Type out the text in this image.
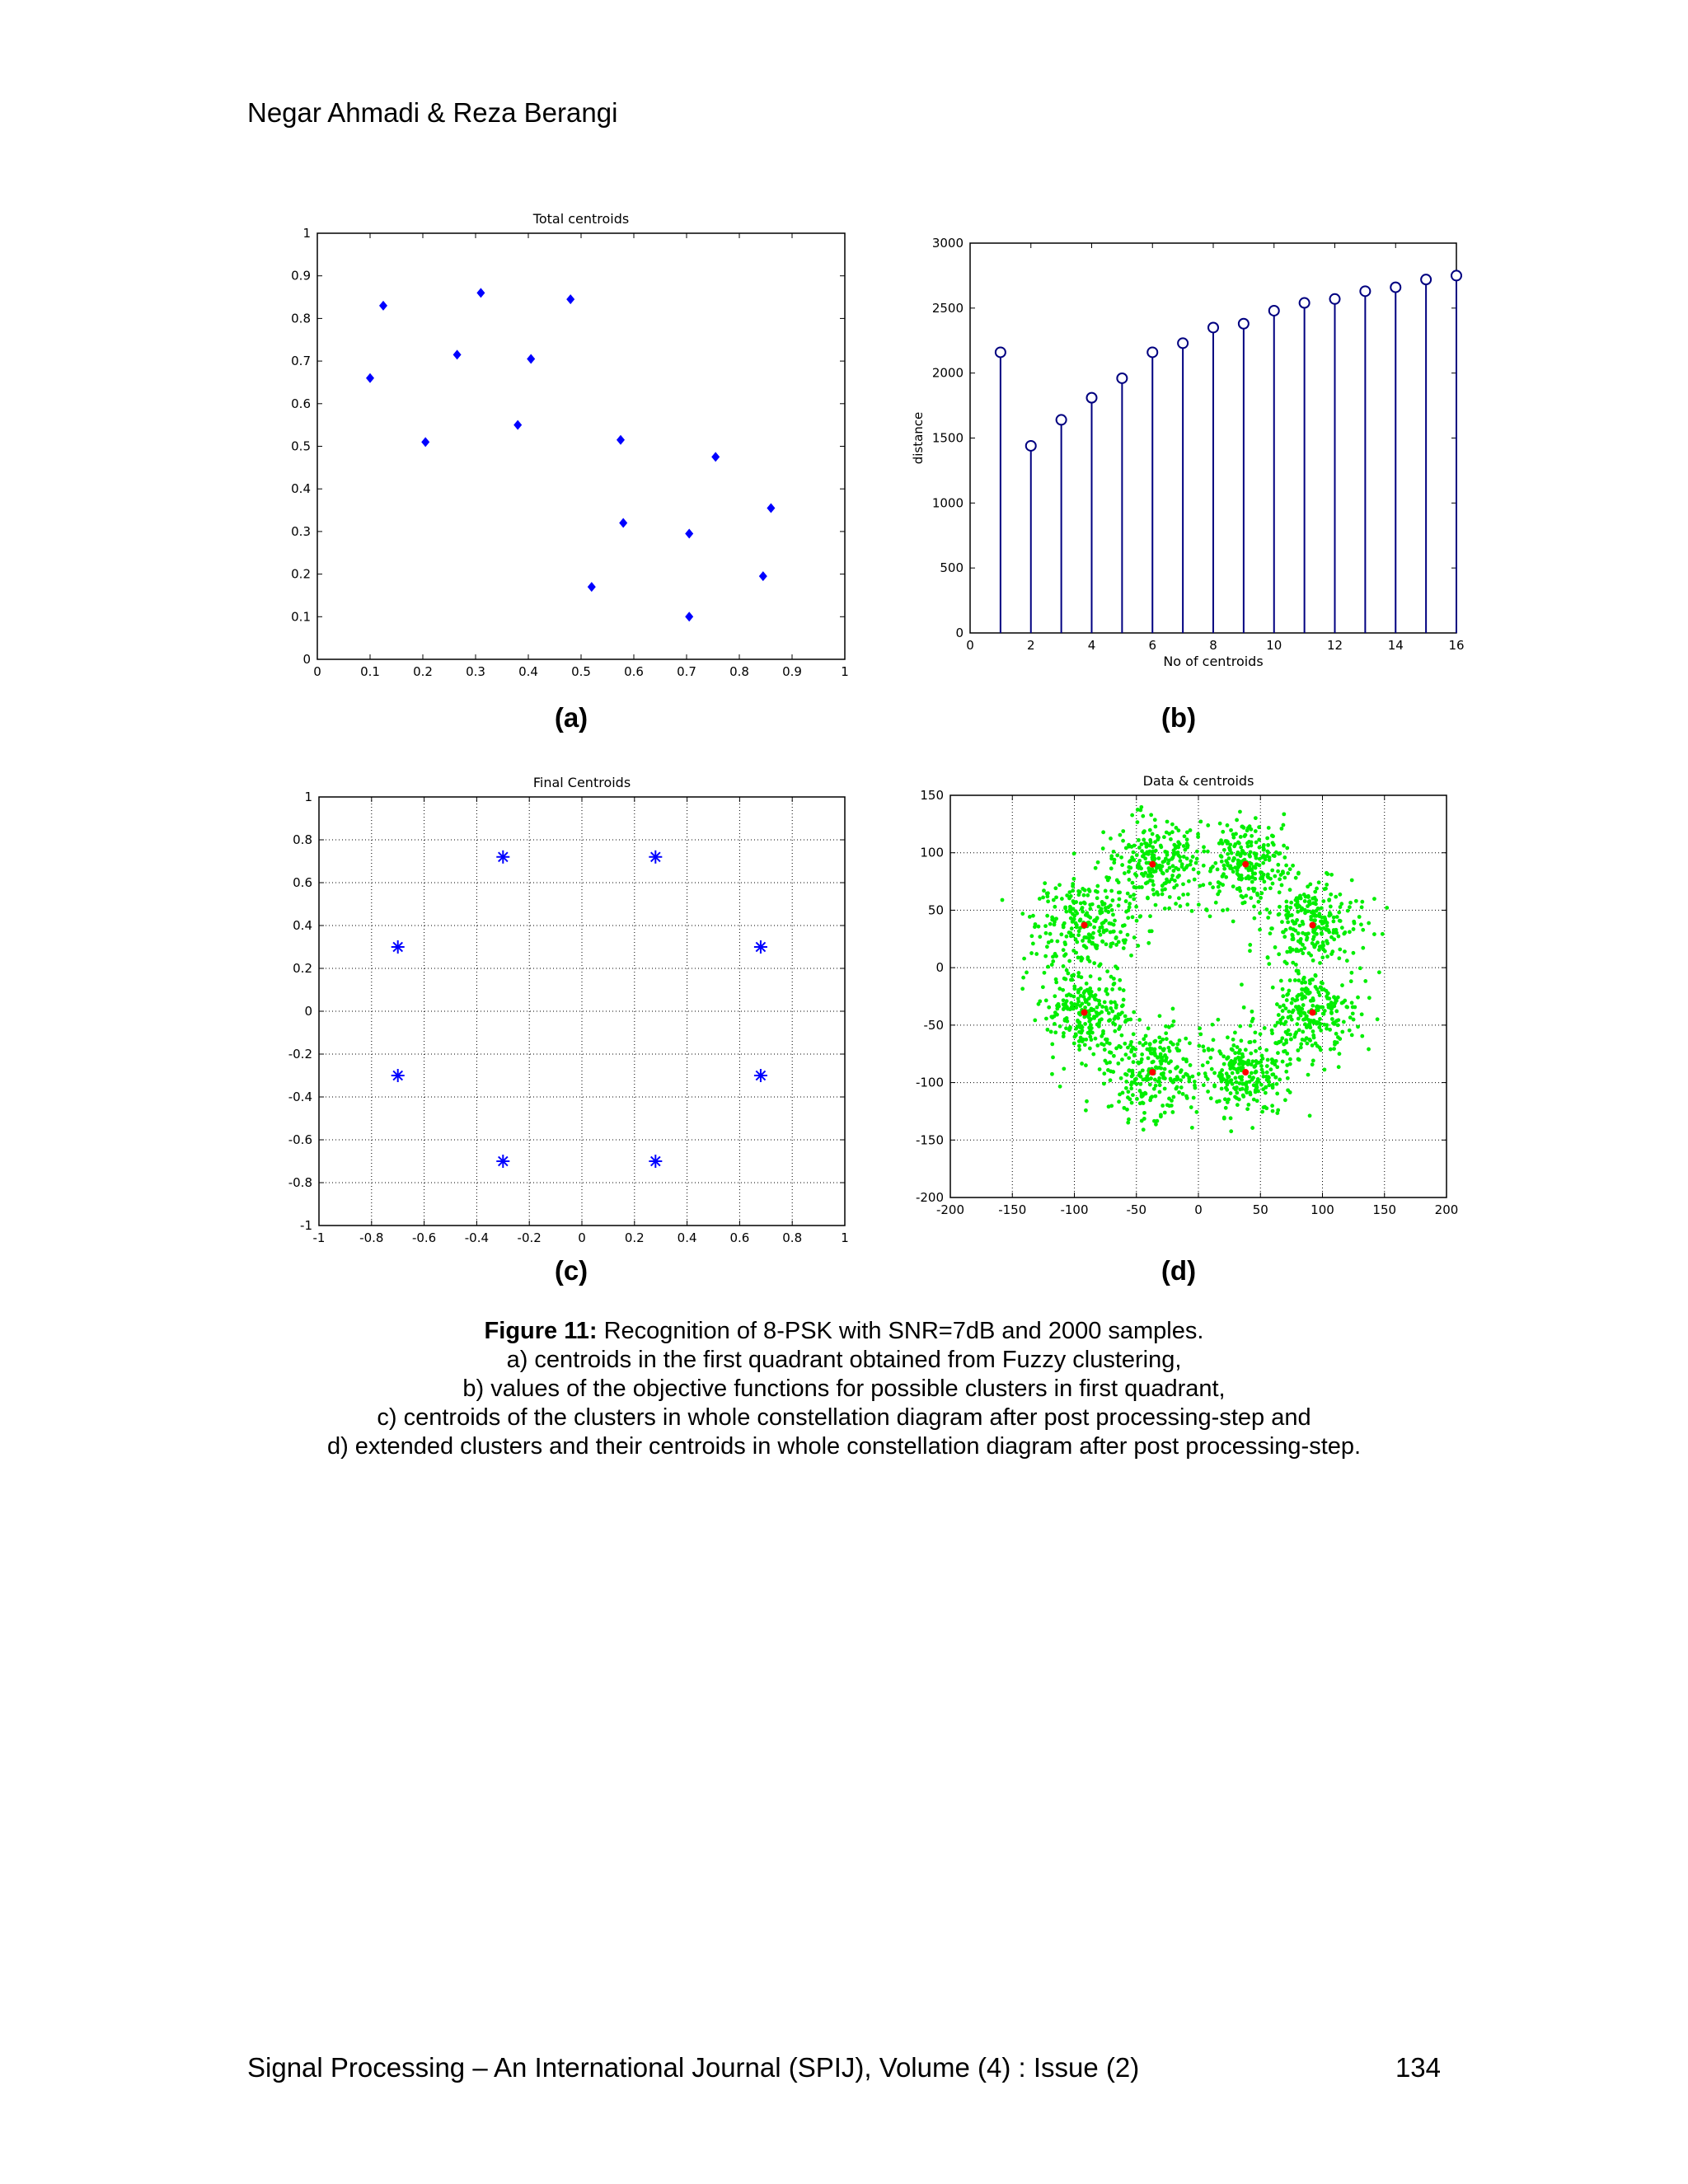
Negar Ahmadi & Reza Berangi
0	0.1	0.2	0.3	0.4	0.5	0.6	0.7	0.8	0.9	1
0
0.1
0.2
0.3
0.4
0.5
0.6
0.7
0.8
0.9
1
Total centroids
(a)
0	2	4	6	8	10	12	14	16
0
500
1000
1500
2000
2500
3000
No of centroids
distance
(b)
-1	-0.8 -0.6 -0.4 -0.2	0	0.2	0.4	0.6	0.8	1
-1
-0.8
-0.6
-0.4
-0.2
0
0.2
0.4
0.6
0.8
1
Final Centroids
(c)
-200	-150	-100	-50	0	50	100	150	200
-200
-150
-100
-50
0
50
100
150
Data & centroids
(d)
Figure 11: Recognition of 8-PSK with SNR=7dB and 2000 samples.
a) centroids in the first quadrant obtained from Fuzzy clustering,
b) values of the objective functions for possible clusters in first quadrant,
c) centroids of the clusters in whole constellation diagram after post processing-step and
d) extended clusters and their centroids in whole constellation diagram after post processing-step.
Signal Processing – An International Journal (SPIJ), Volume (4) : Issue (2)	134
